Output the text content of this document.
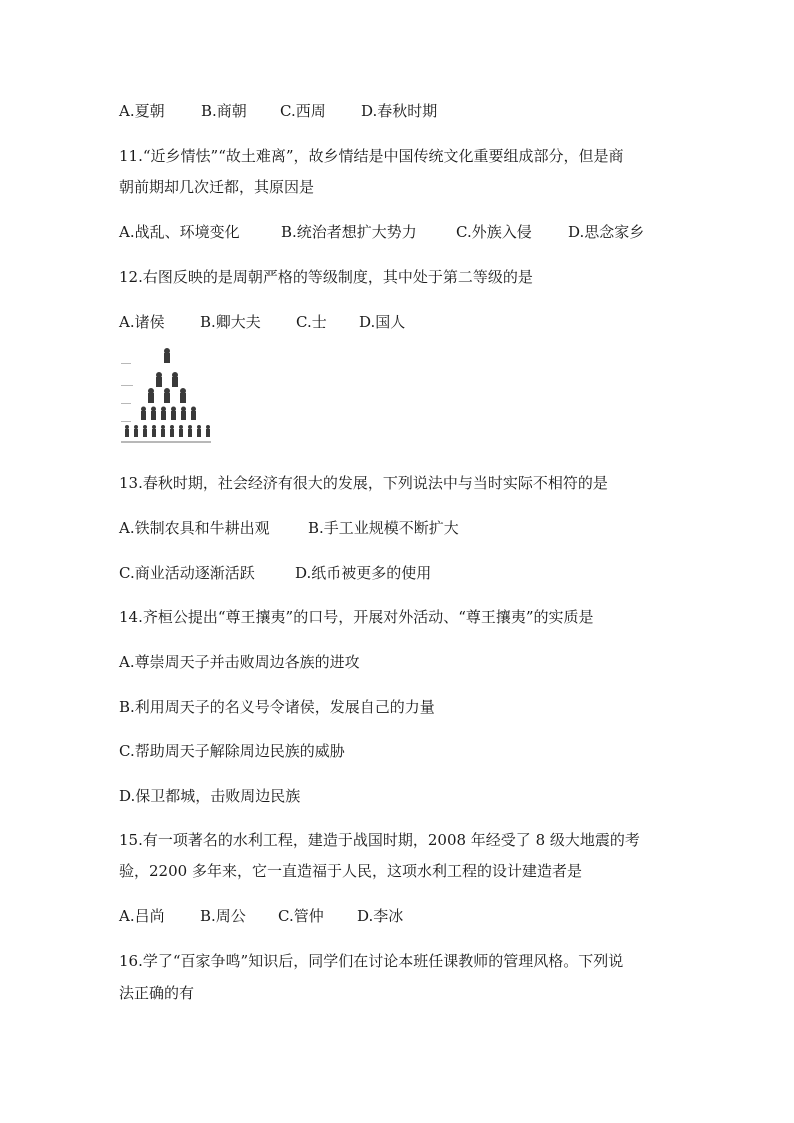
A.夏朝 B.商朝 C.西周 D.春秋时期
11.“近乡情怯”“故土难离”，故乡情结是中国传统文化重要组成部分，但是商
朝前期却几次迁都，其原因是
A.战乱、环境变化	B.统治者想扩大势力	C.外族入侵 D.思念家乡
12.右图反映的是周朝严格的等级制度，其中处于第二等级的是
A.诸侯 B.卿大夫 C.士 D.国人
13.春秋时期，社会经济有很大的发展，下列说法中与当时实际不相符的是
A.铁制农具和牛耕出观	B.手工业规模不断扩大
C.商业活动逐渐活跃	D.纸币被更多的使用
14.齐桓公提出“尊王攘夷”的口号，开展对外活动、“尊王攘夷”的实质是
A.尊崇周天子并击败周边各族的进攻
B.利用周天子的名义号令诸侯，发展自己的力量
C.帮助周天子解除周边民族的威胁
D.保卫都城，击败周边民族
15.有一项著名的水利工程，建造于战国时期，2008 年经受了 8 级大地震的考
验，2200 多年来，它一直造福于人民，这项水利工程的设计建造者是
A.吕尚 B.周公 C.管仲 D.李冰
16.学了“百家争鸣”知识后，同学们在讨论本班任课教师的管理风格。下列说
法正确的有
